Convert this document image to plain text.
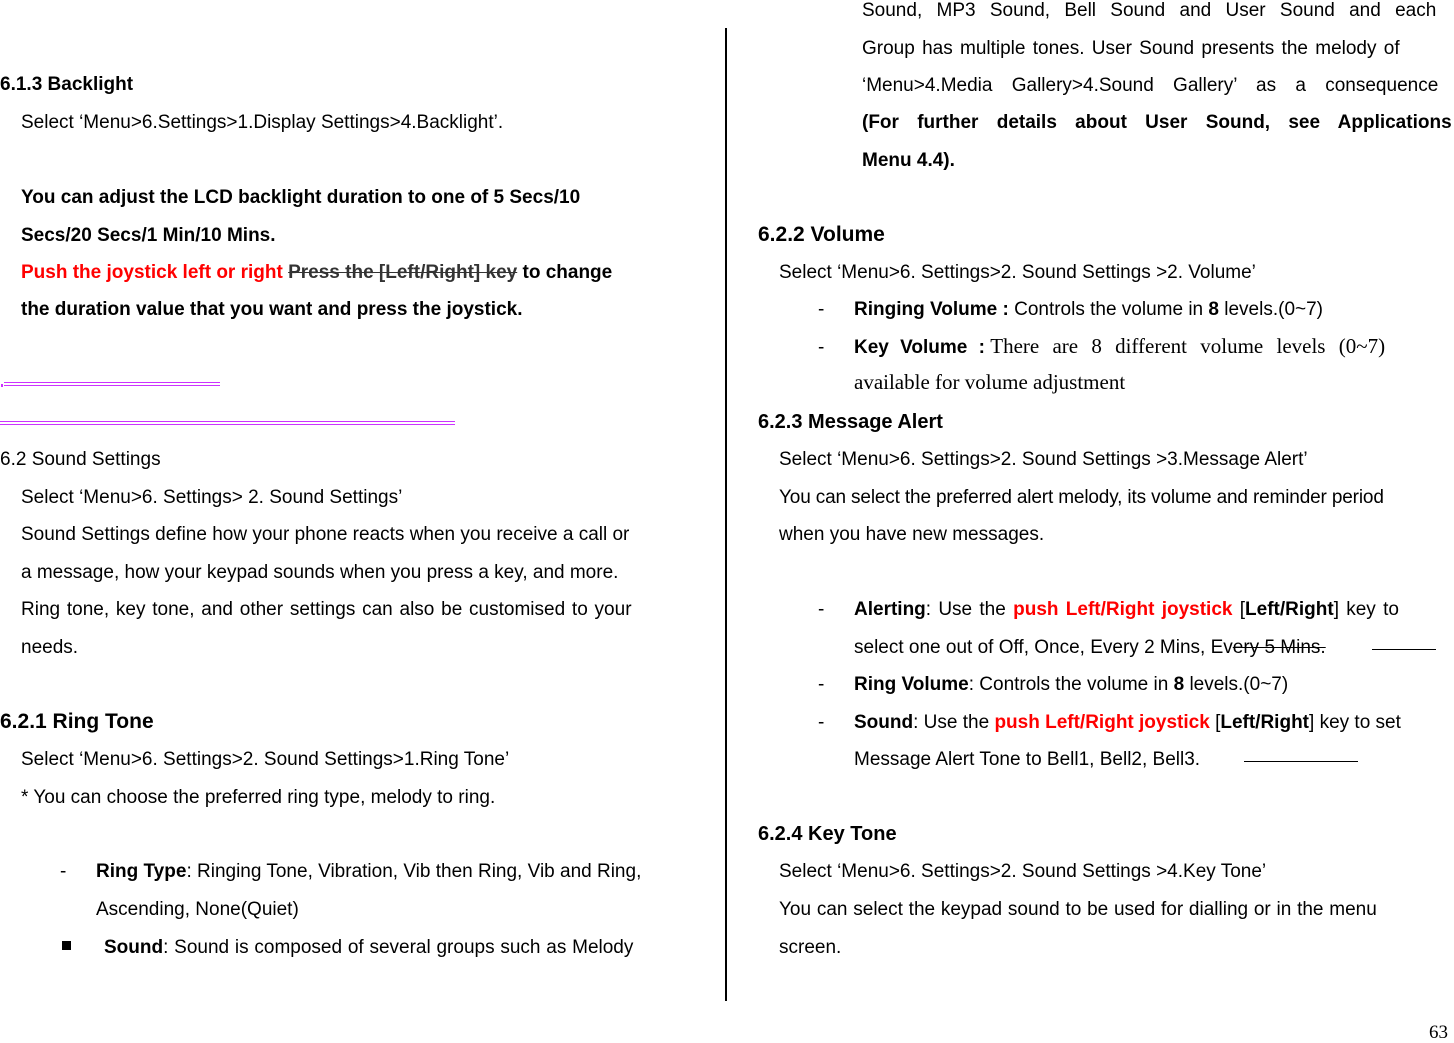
6.1.3 Backlight
Select ‘Menu>6.Settings>1.Display Settings>4.Backlight’.
You can adjust the LCD backlight duration to one of 5 Secs/10
Secs/20 Secs/1 Min/10 Mins.
Push the joystick left or right Press the [Left/Right] key to change
the duration value that you want and press the joystick.
6.2 Sound Settings
Select ‘Menu>6. Settings> 2. Sound Settings’
Sound Settings define how your phone reacts when you receive a call or
a message, how your keypad sounds when you press a key, and more.
Ring tone, key tone, and other settings can also be customised to your
needs.
6.2.1 Ring Tone
Select ‘Menu>6. Settings>2. Sound Settings>1.Ring Tone’
* You can choose the preferred ring type, melody to ring.
- Ring Type: Ringing Tone, Vibration, Vib then Ring, Vib and Ring,
Ascending, None(Quiet)
Sound: Sound is composed of several groups such as Melody
Sound, MP3 Sound, Bell Sound and User Sound and each
Group has multiple tones. User Sound presents the melody of
‘Menu>4.Media Gallery>4.Sound Gallery’ as a consequence
(For further details about User Sound, see Applications
Menu 4.4).
6.2.2 Volume
Select ‘Menu>6. Settings>2. Sound Settings >2. Volume’
- Ringing Volume : Controls the volume in 8 levels.(0~7)
- Key Volume : There are 8 different volume levels (0~7)
available for volume adjustment
6.2.3 Message Alert
Select ‘Menu>6. Settings>2. Sound Settings >3.Message Alert’
You can select the preferred alert melody, its volume and reminder period
when you have new messages.
- Alerting: Use the push Left/Right joystick [Left/Right] key to
select one out of Off, Once, Every 2 Mins, Every 5 Mins.
- Ring Volume: Controls the volume in 8 levels.(0~7)
- Sound: Use the push Left/Right joystick [Left/Right] key to set
Message Alert Tone to Bell1, Bell2, Bell3.
6.2.4 Key Tone
Select ‘Menu>6. Settings>2. Sound Settings >4.Key Tone’
You can select the keypad sound to be used for dialling or in the menu
screen.
63
